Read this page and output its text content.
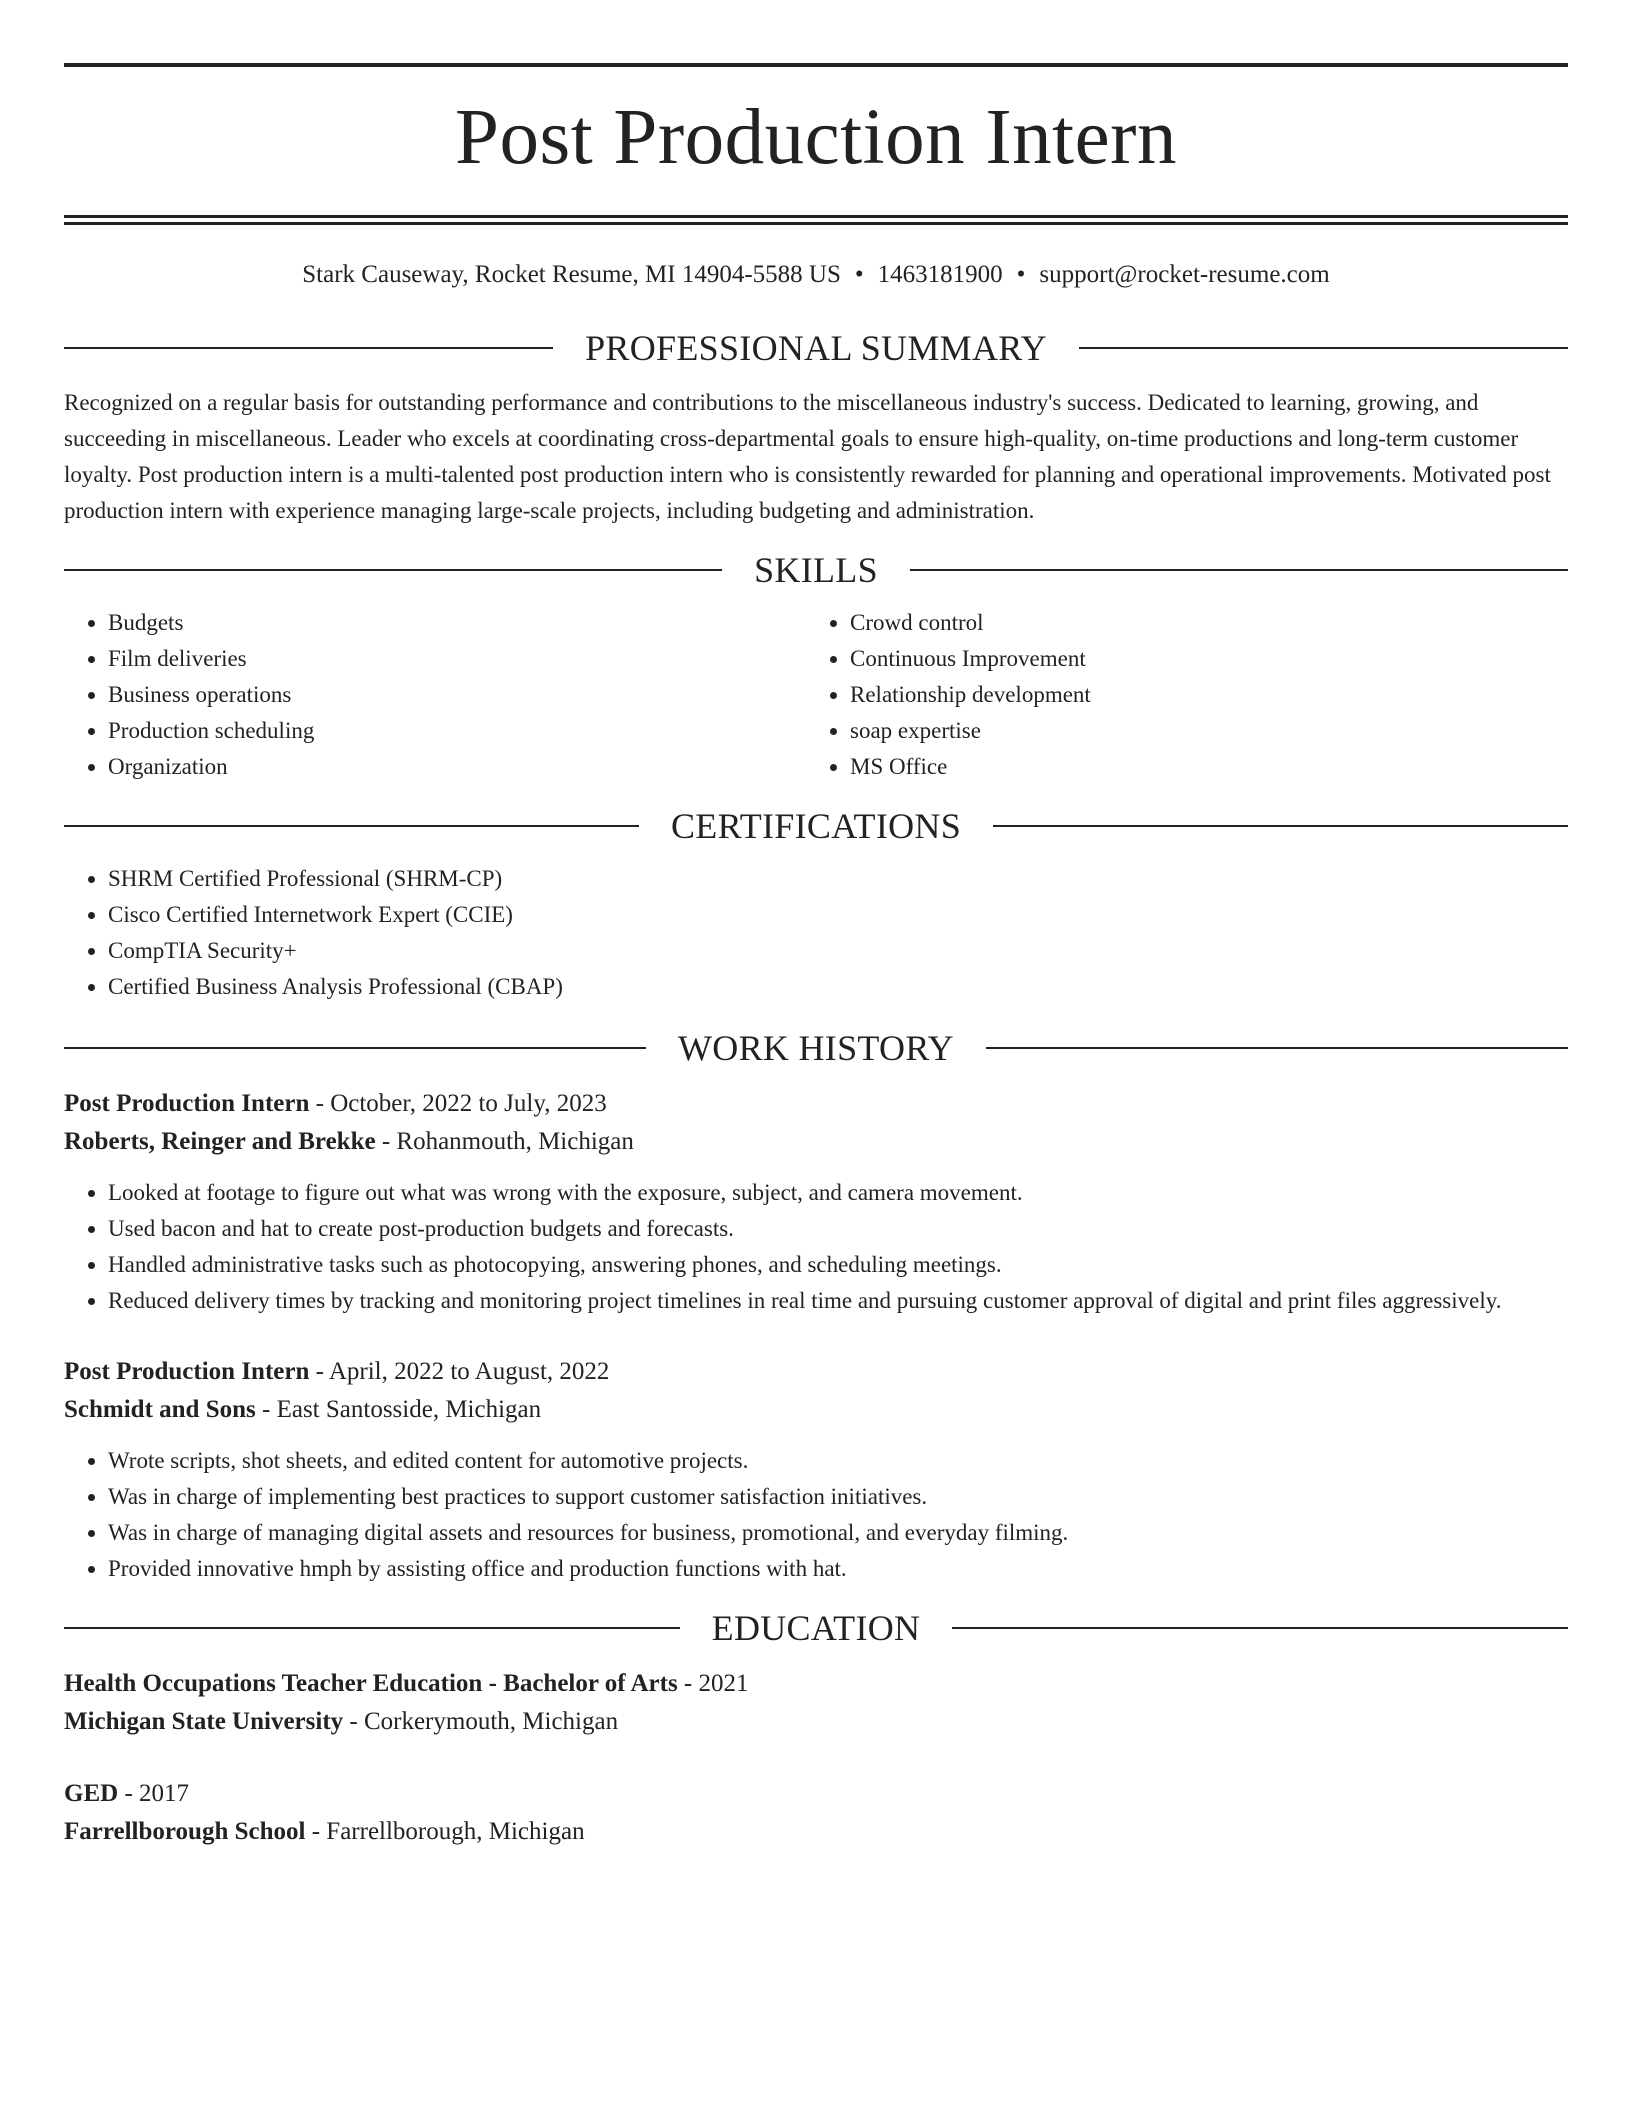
Post Production Intern
Stark Causeway, Rocket Resume, MI 14904-5588 US • 1463181900 • support@rocket-resume.com
PROFESSIONAL SUMMARY
Recognized on a regular basis for outstanding performance and contributions to the miscellaneous industry's success. Dedicated to learning, growing, and succeeding in miscellaneous. Leader who excels at coordinating cross-departmental goals to ensure high-quality, on-time productions and long-term customer loyalty. Post production intern is a multi-talented post production intern who is consistently rewarded for planning and operational improvements. Motivated post production intern with experience managing large-scale projects, including budgeting and administration.
SKILLS
• Budgets
• Film deliveries
• Business operations
• Production scheduling
• Organization
• Crowd control
• Continuous Improvement
• Relationship development
• soap expertise
• MS Office
CERTIFICATIONS
• SHRM Certified Professional (SHRM-CP)
• Cisco Certified Internetwork Expert (CCIE)
• CompTIA Security+
• Certified Business Analysis Professional (CBAP)
WORK HISTORY
Post Production Intern - October, 2022 to July, 2023
Roberts, Reinger and Brekke - Rohanmouth, Michigan
• Looked at footage to figure out what was wrong with the exposure, subject, and camera movement.
• Used bacon and hat to create post-production budgets and forecasts.
• Handled administrative tasks such as photocopying, answering phones, and scheduling meetings.
• Reduced delivery times by tracking and monitoring project timelines in real time and pursuing customer approval of digital and print files aggressively.
Post Production Intern - April, 2022 to August, 2022
Schmidt and Sons - East Santosside, Michigan
• Wrote scripts, shot sheets, and edited content for automotive projects.
• Was in charge of implementing best practices to support customer satisfaction initiatives.
• Was in charge of managing digital assets and resources for business, promotional, and everyday filming.
• Provided innovative hmph by assisting office and production functions with hat.
EDUCATION
Health Occupations Teacher Education - Bachelor of Arts - 2021
Michigan State University - Corkerymouth, Michigan
GED - 2017
Farrellborough School - Farrellborough, Michigan
